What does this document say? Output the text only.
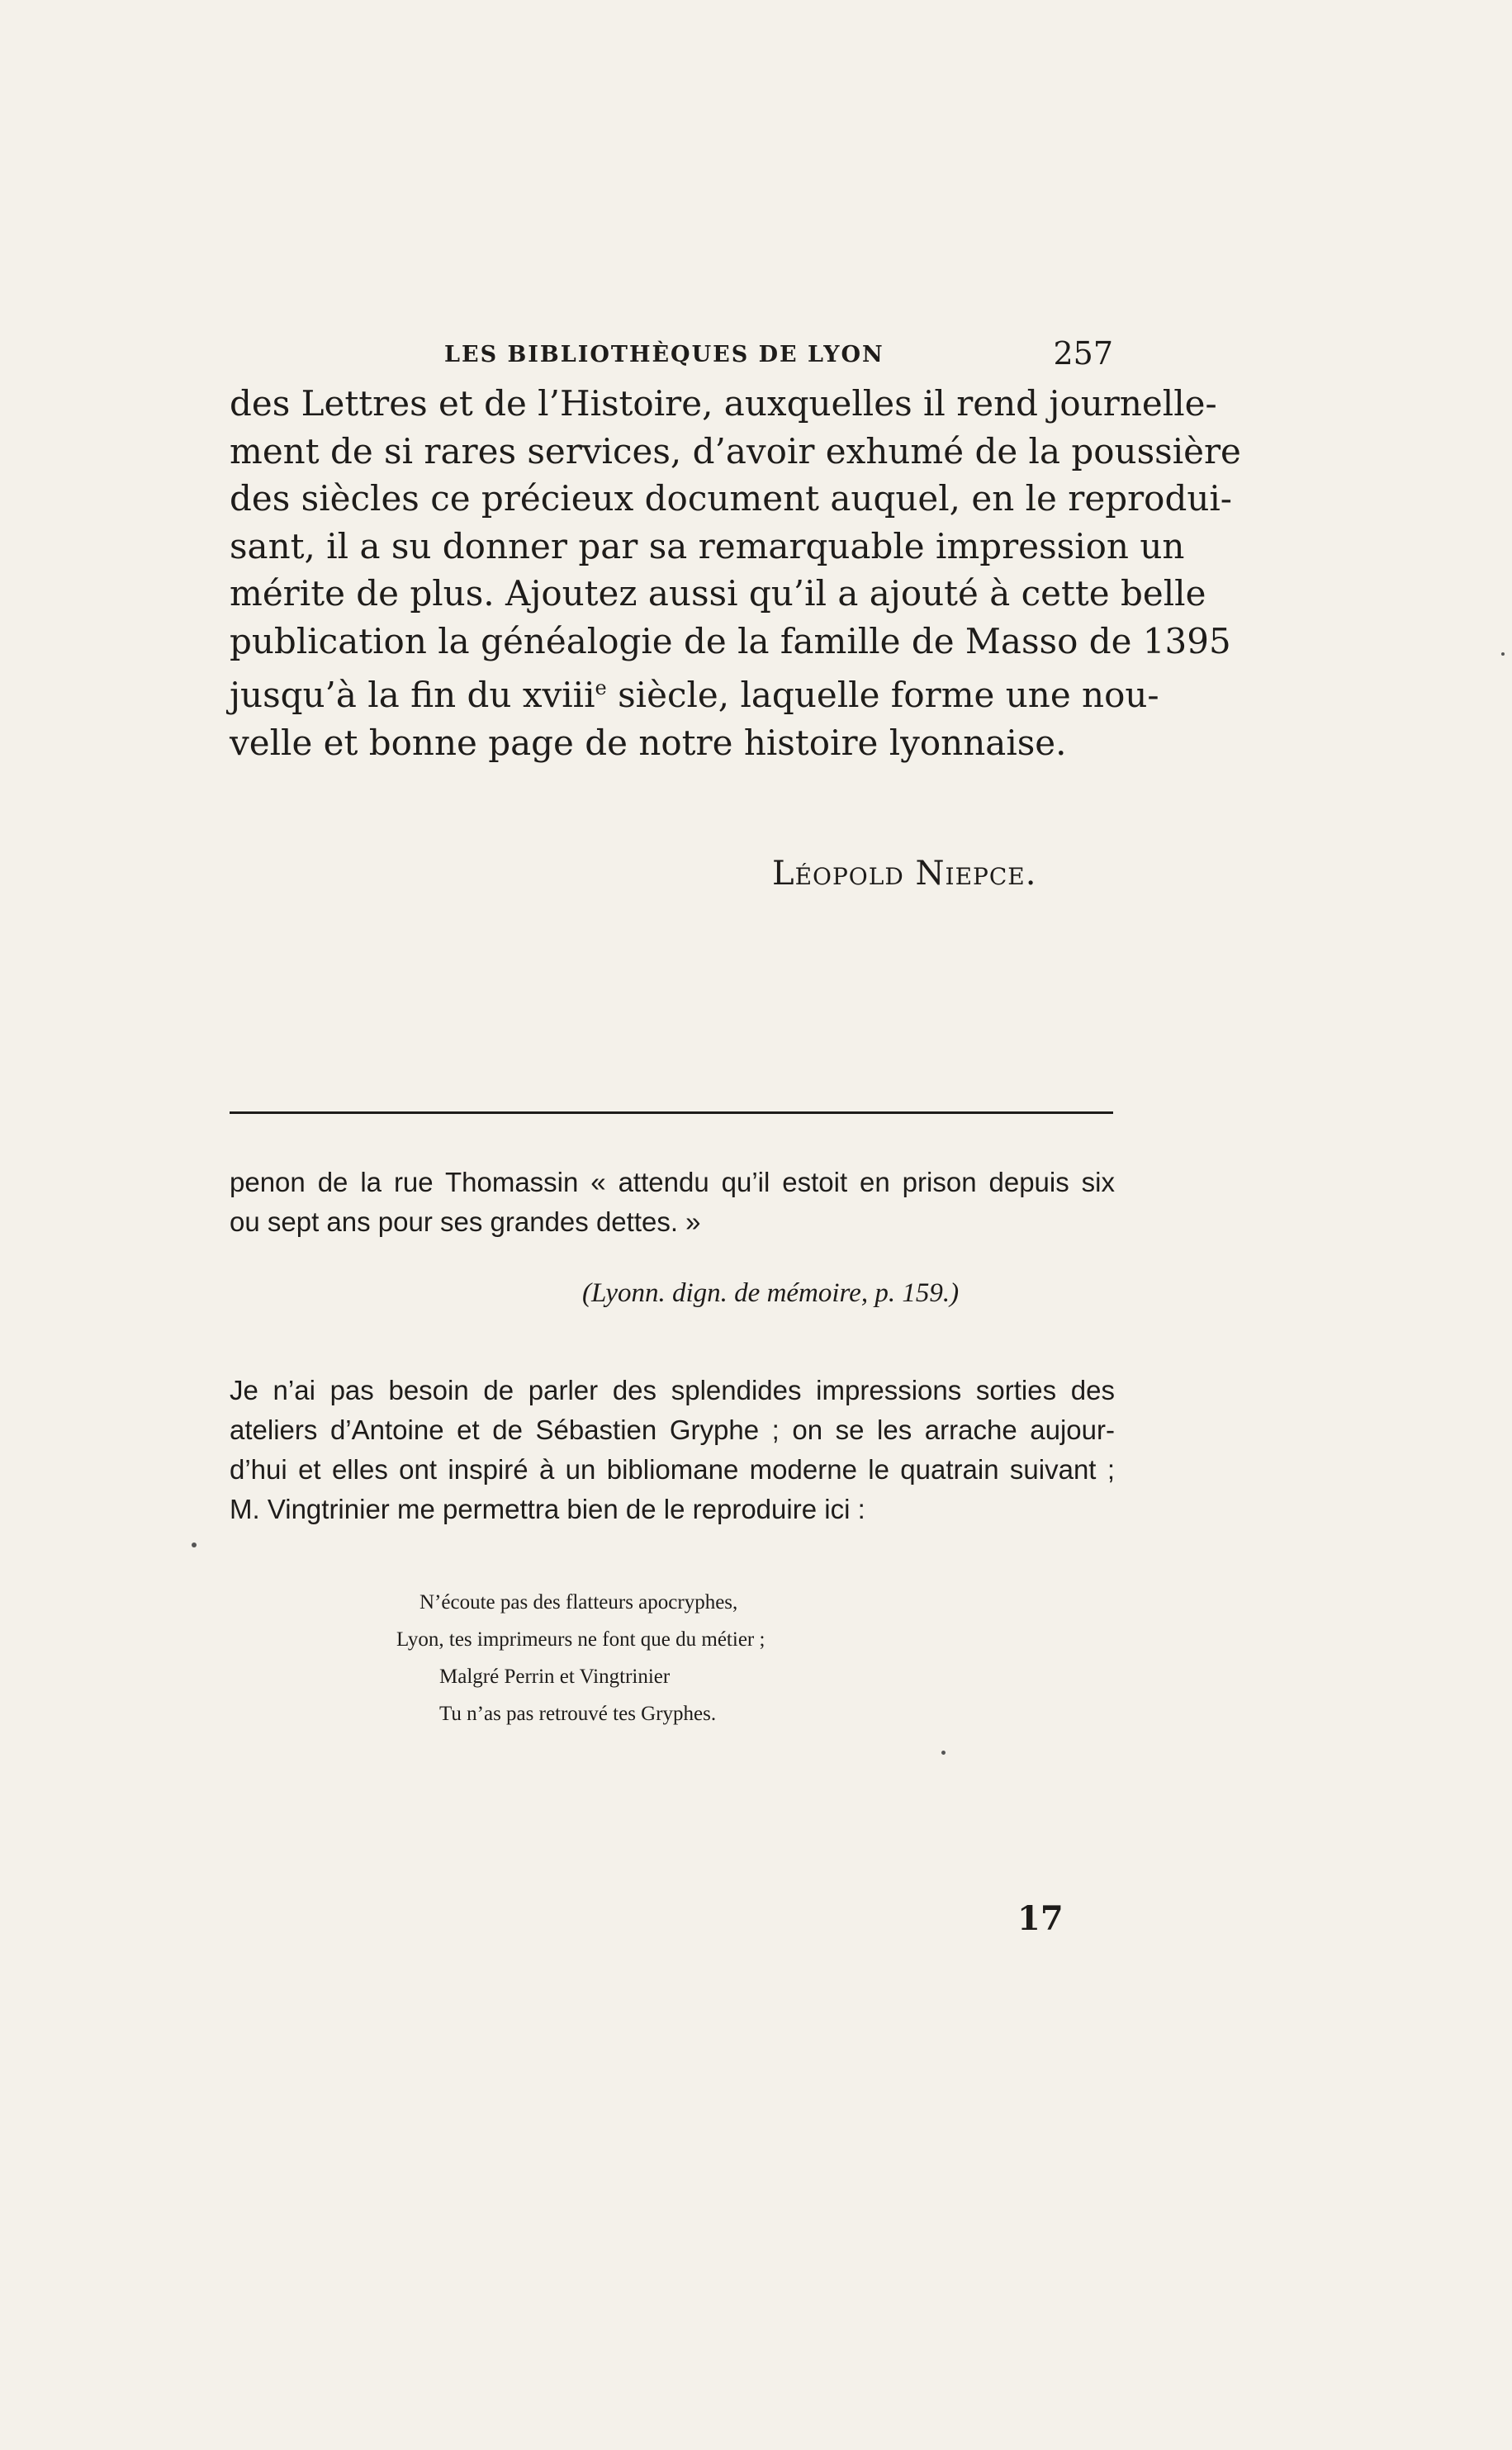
LES BIBLIOTHÈQUES DE LYON	257
des Lettres et de l’Histoire, auxquelles il rend journelle-
ment de si rares services, d’avoir exhumé de la poussière
des siècles ce précieux document auquel, en le reprodui-
sant, il a su donner par sa remarquable impression un
mérite de plus. Ajoutez aussi qu’il a ajouté à cette belle
publication la généalogie de la famille de Masso de 1395
jusqu’à la fin du xviii$^e$ siècle, laquelle forme une nou-
velle et bonne page de notre histoire lyonnaise.
Léopold Niepce.
penon de la rue Thomassin « attendu qu’il estoit en prison depuis six
ou sept ans pour ses grandes dettes. »
(Lyonn. dign. de mémoire, p. 159.)
Je n’ai pas besoin de parler des splendides impressions sorties des
ateliers d’Antoine et de Sébastien Gryphe ; on se les arrache aujour-
d’hui et elles ont inspiré à un bibliomane moderne le quatrain suivant ;
M. Vingtrinier me permettra bien de le reproduire ici :
N’écoute pas des flatteurs apocryphes,
Lyon, tes imprimeurs ne font que du métier ;
Malgré Perrin et Vingtrinier
Tu n’as pas retrouvé tes Gryphes.
17
